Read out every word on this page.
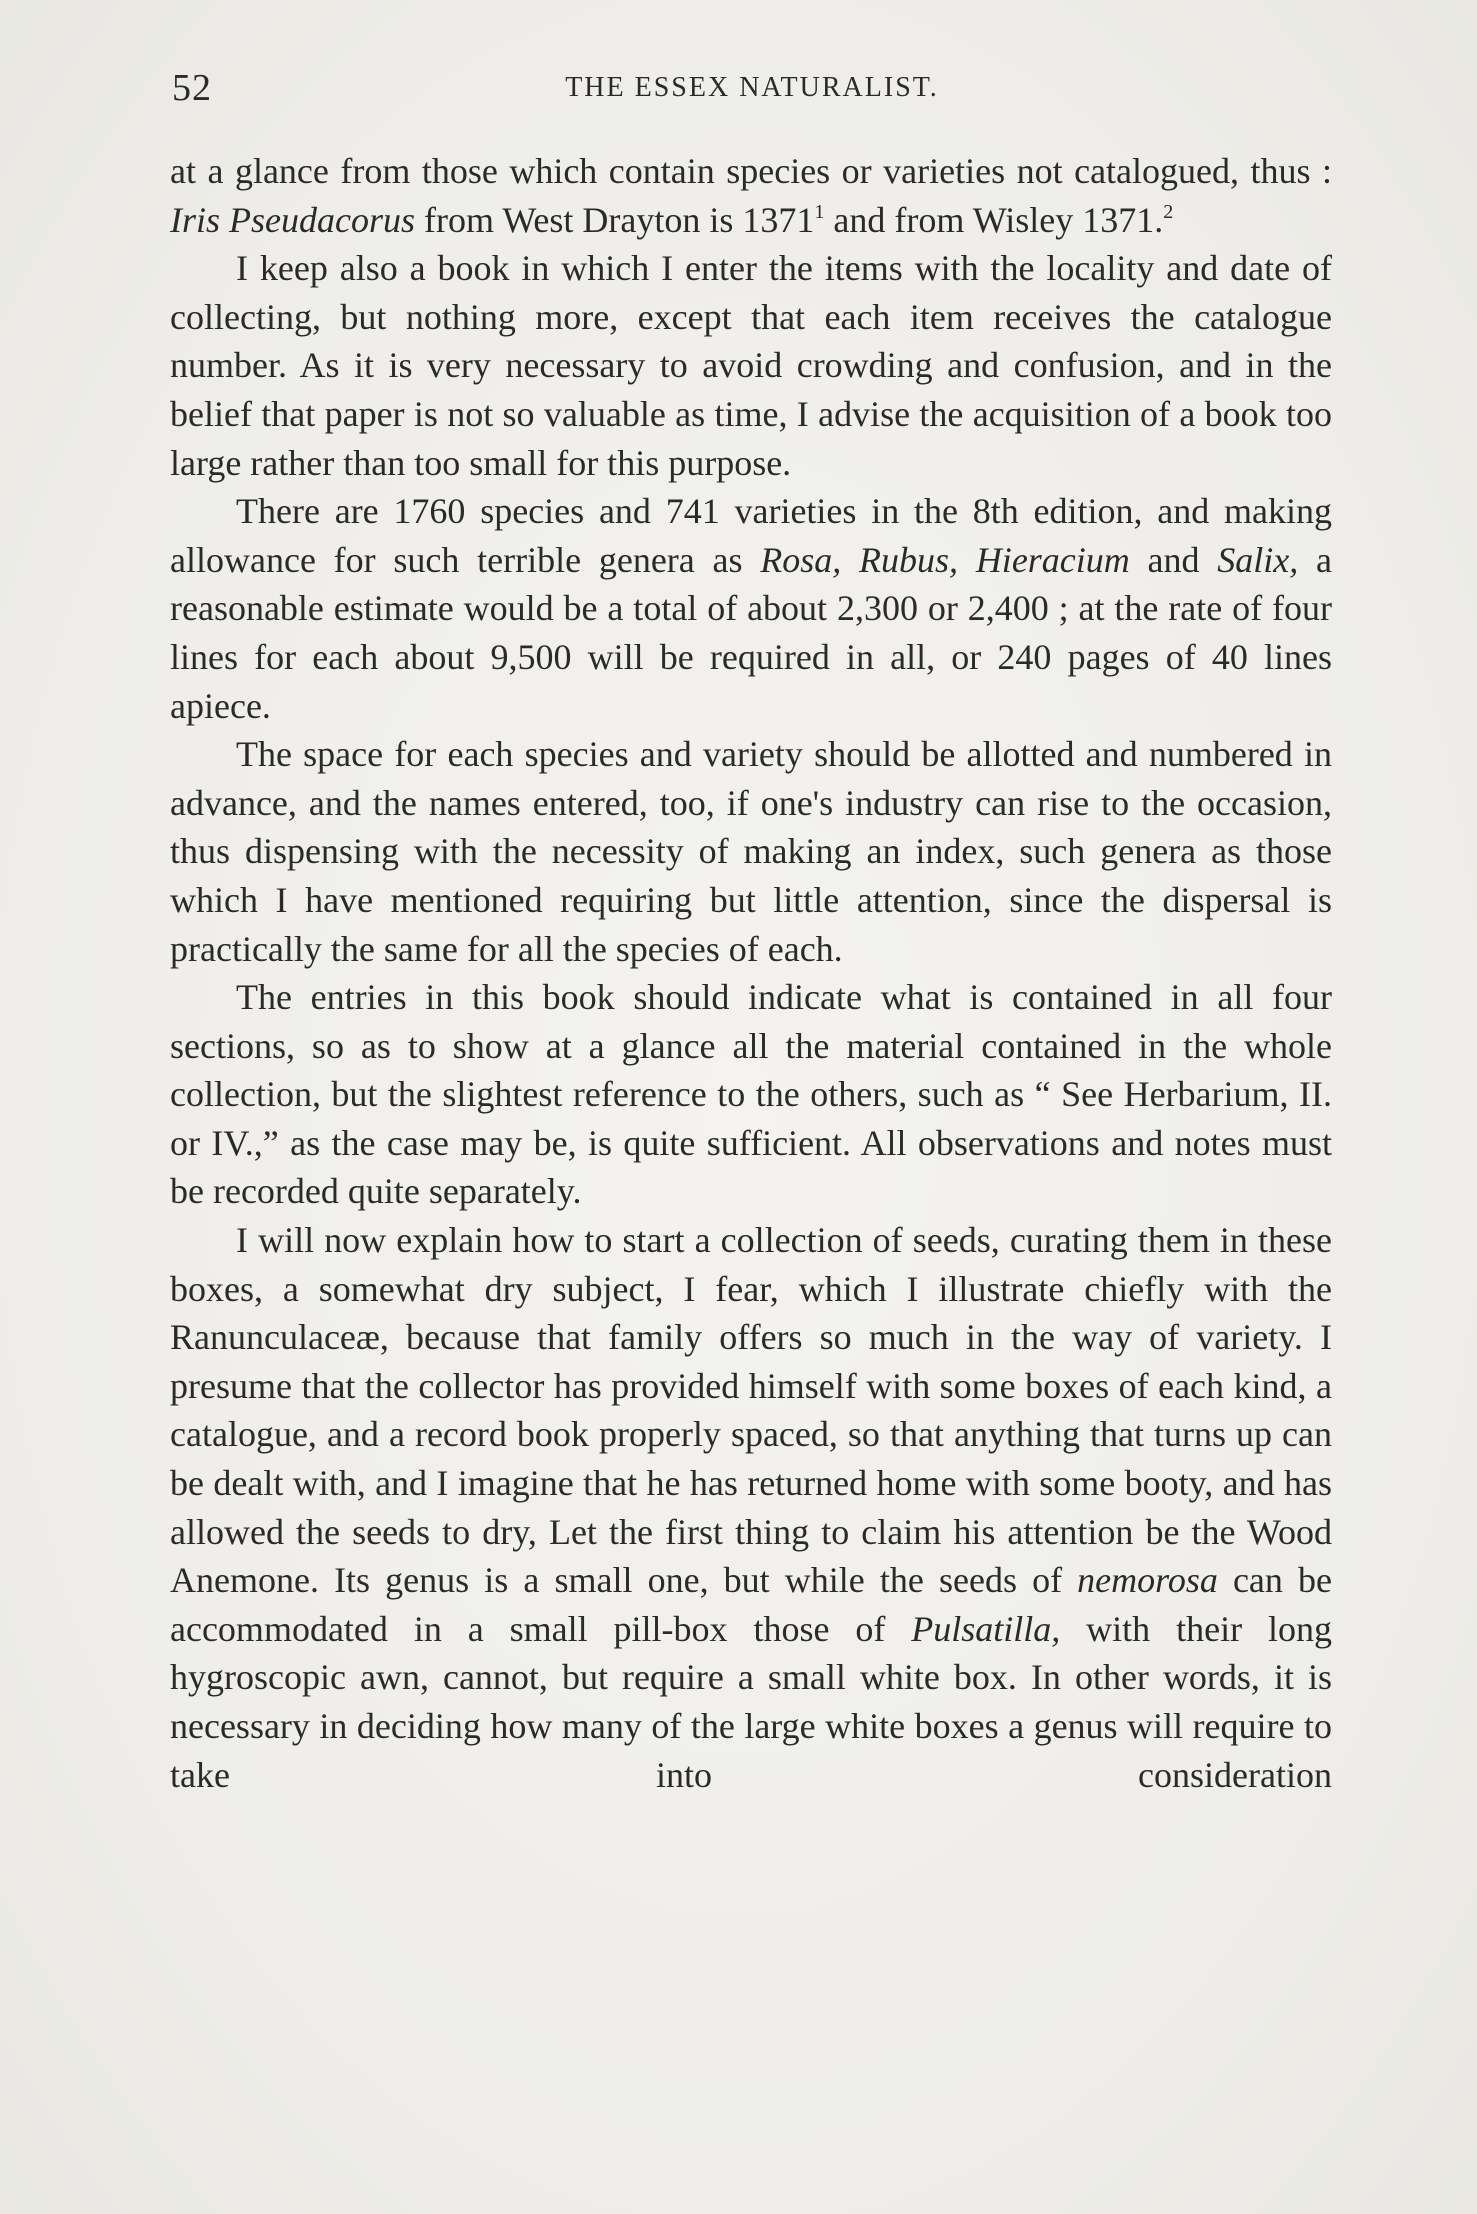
52	THE ESSEX NATURALIST.

at a glance from those which contain species or varieties not catalogued, thus : Iris Pseudacorus from West Drayton is 1371$^1$ and from Wisley 1371.$^2$

I keep also a book in which I enter the items with the locality and date of collecting, but nothing more, except that each item receives the catalogue number. As it is very necessary to avoid crowding and confusion, and in the belief that paper is not so valuable as time, I advise the acquisition of a book too large rather than too small for this purpose.

There are 1760 species and 741 varieties in the 8th edition, and making allowance for such terrible genera as Rosa, Rubus, Hieracium and Salix, a reasonable estimate would be a total of about 2,300 or 2,400 ; at the rate of four lines for each about 9,500 will be required in all, or 240 pages of 40 lines apiece.

The space for each species and variety should be allotted and numbered in advance, and the names entered, too, if one's industry can rise to the occasion, thus dispensing with the necessity of making an index, such genera as those which I have mentioned requiring but little attention, since the dispersal is practically the same for all the species of each.

The entries in this book should indicate what is contained in all four sections, so as to show at a glance all the material contained in the whole collection, but the slightest reference to the others, such as “ See Herbarium, II. or IV.,” as the case may be, is quite sufficient. All observations and notes must be recorded quite separately.

I will now explain how to start a collection of seeds, curating them in these boxes, a somewhat dry subject, I fear, which I illustrate chiefly with the Ranunculaceæ, because that family offers so much in the way of variety. I presume that the collector has provided himself with some boxes of each kind, a catalogue, and a record book properly spaced, so that anything that turns up can be dealt with, and I imagine that he has returned home with some booty, and has allowed the seeds to dry, Let the first thing to claim his attention be the Wood Anemone. Its genus is a small one, but while the seeds of nemorosa can be accommodated in a small pill-box those of Pulsatilla, with their long hygroscopic awn, cannot, but require a small white box. In other words, it is necessary in deciding how many of the large white boxes a genus will require to take into consideration
